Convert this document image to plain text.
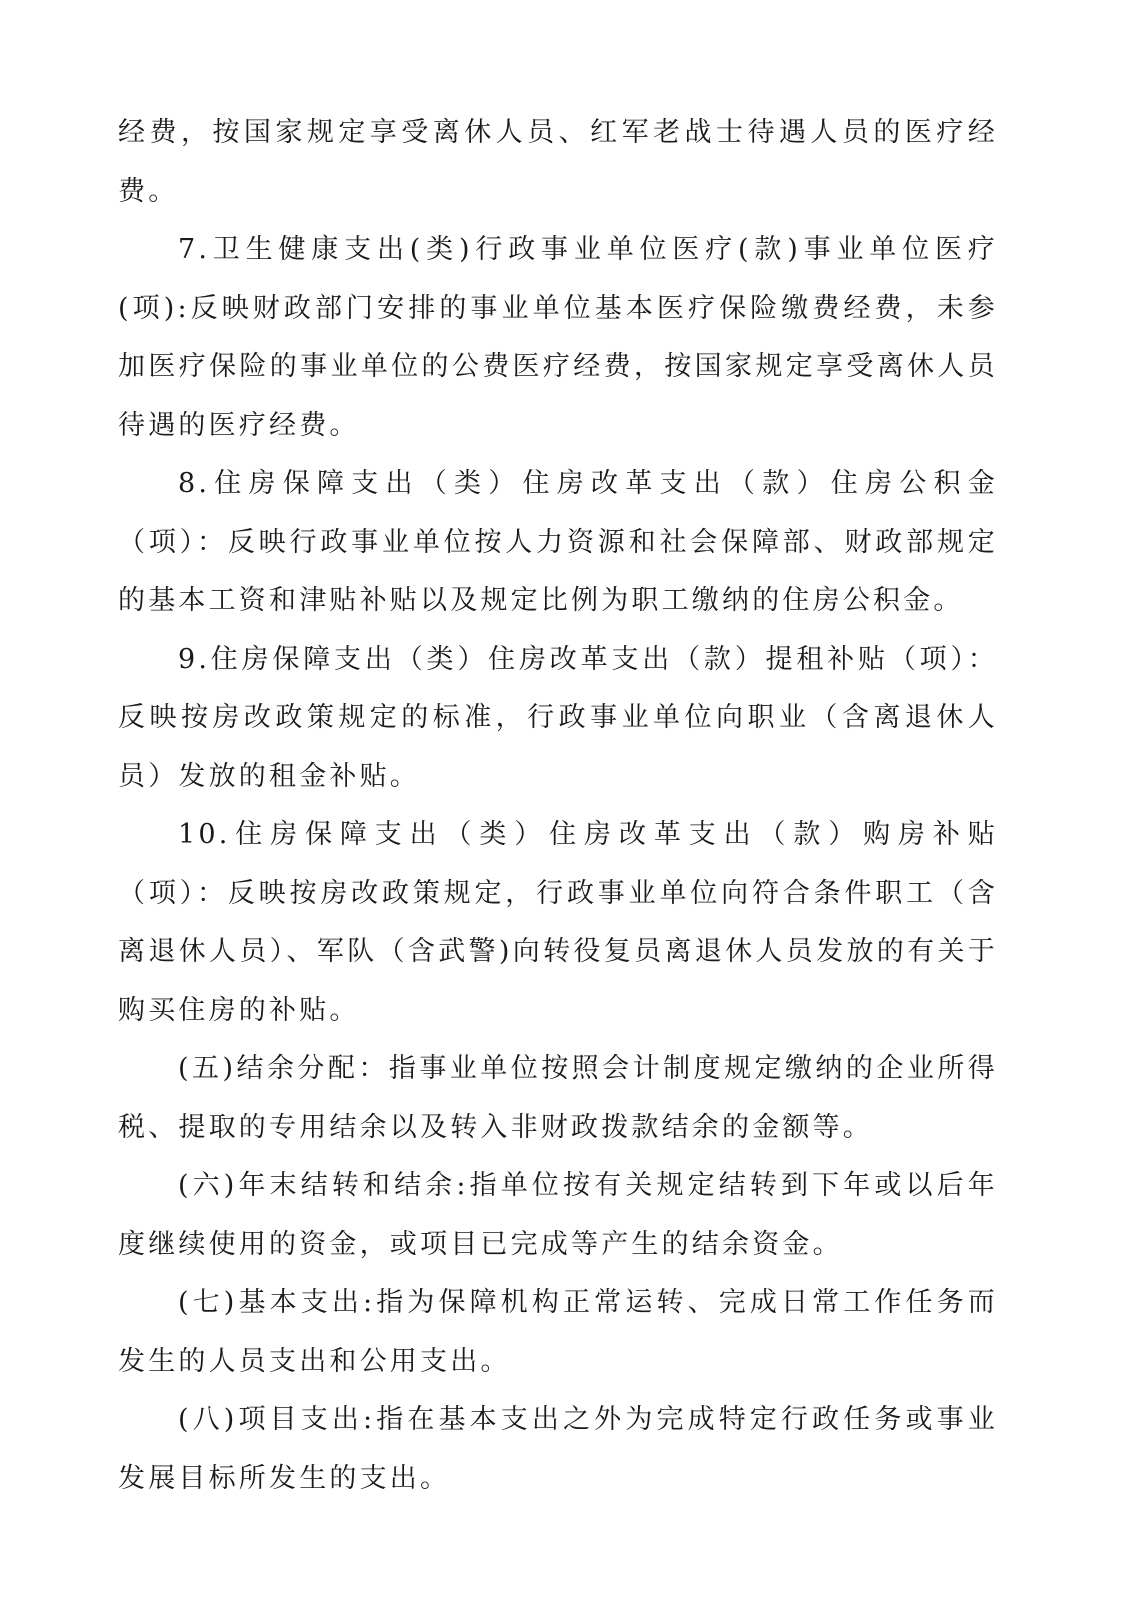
经费，按国家规定享受离休人员、红军老战士待遇人员的医疗经费。

7.卫生健康支出(类)行政事业单位医疗(款)事业单位医疗(项):反映财政部门安排的事业单位基本医疗保险缴费经费，未参加医疗保险的事业单位的公费医疗经费，按国家规定享受离休人员待遇的医疗经费。

8.住房保障支出（类）住房改革支出（款）住房公积金（项）：反映行政事业单位按人力资源和社会保障部、财政部规定的基本工资和津贴补贴以及规定比例为职工缴纳的住房公积金。

9.住房保障支出（类）住房改革支出（款）提租补贴（项）：反映按房改政策规定的标准，行政事业单位向职业（含离退休人员）发放的租金补贴。

10.住房保障支出（类）住房改革支出（款）购房补贴（项）：反映按房改政策规定，行政事业单位向符合条件职工（含离退休人员）、军队（含武警)向转役复员离退休人员发放的有关于购买住房的补贴。

(五)结余分配：指事业单位按照会计制度规定缴纳的企业所得税、提取的专用结余以及转入非财政拨款结余的金额等。

(六)年末结转和结余:指单位按有关规定结转到下年或以后年度继续使用的资金，或项目已完成等产生的结余资金。

(七)基本支出:指为保障机构正常运转、完成日常工作任务而发生的人员支出和公用支出。

(八)项目支出:指在基本支出之外为完成特定行政任务或事业发展目标所发生的支出。
